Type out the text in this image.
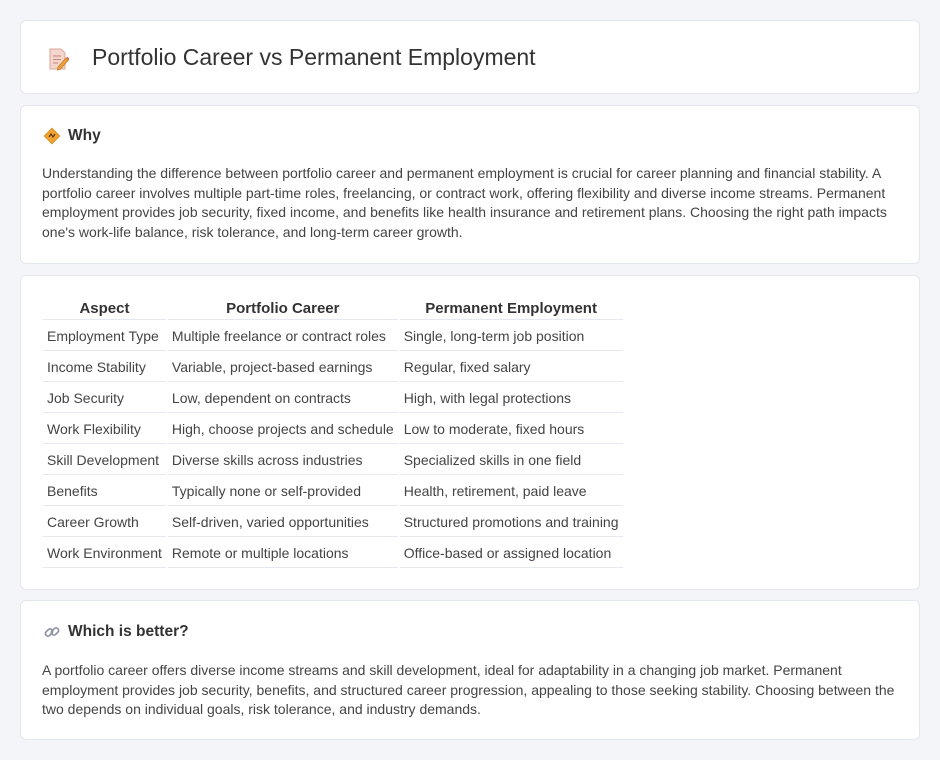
Portfolio Career vs Permanent Employment
Why

Understanding the difference between portfolio career and permanent employment is crucial for career planning and financial stability. A portfolio career involves multiple part-time roles, freelancing, or contract work, offering flexibility and diverse income streams. Permanent employment provides job security, fixed income, and benefits like health insurance and retirement plans. Choosing the right path impacts one's work-life balance, risk tolerance, and long-term career growth.

Aspect	Portfolio Career	Permanent Employment
Employment Type	Multiple freelance or contract roles	Single, long-term job position
Income Stability	Variable, project-based earnings	Regular, fixed salary
Job Security	Low, dependent on contracts	High, with legal protections
Work Flexibility	High, choose projects and schedule	Low to moderate, fixed hours
Skill Development	Diverse skills across industries	Specialized skills in one field
Benefits	Typically none or self-provided	Health, retirement, paid leave
Career Growth	Self-driven, varied opportunities	Structured promotions and training
Work Environment	Remote or multiple locations	Office-based or assigned location
Which is better?

A portfolio career offers diverse income streams and skill development, ideal for adaptability in a changing job market. Permanent employment provides job security, benefits, and structured career progression, appealing to those seeking stability. Choosing between the two depends on individual goals, risk tolerance, and industry demands.
